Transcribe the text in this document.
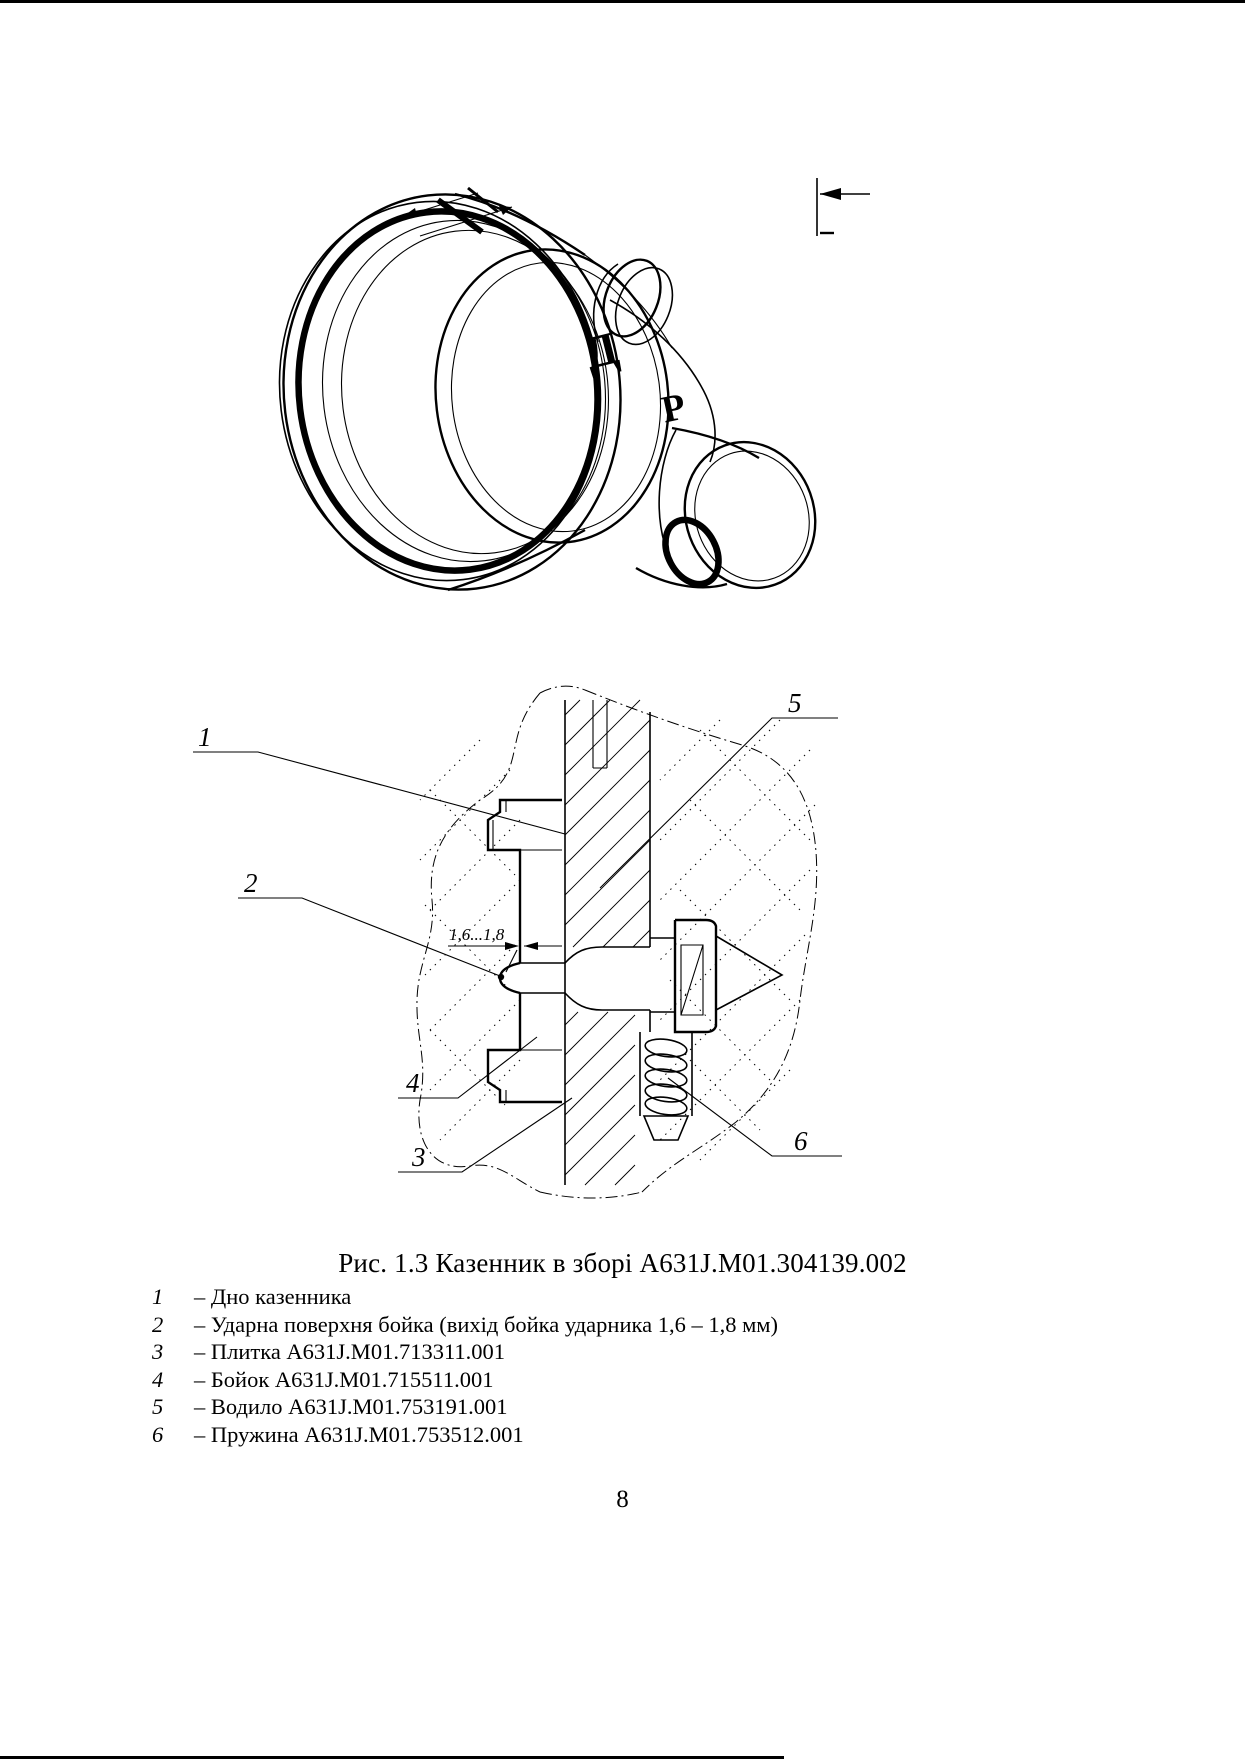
Д
Р
1,6...1,8
1
5
2
4
3
6
Рис. 1.3 Казенник в зборі A631J.M01.304139.002
1	– Дно казенника
2	– Ударна поверхня бойка (вихід бойка ударника 1,6 – 1,8 мм)
3	– Плитка A631J.M01.713311.001
4	– Бойок A631J.M01.715511.001
5	– Водило A631J.M01.753191.001
6	– Пружина A631J.M01.753512.001
8
